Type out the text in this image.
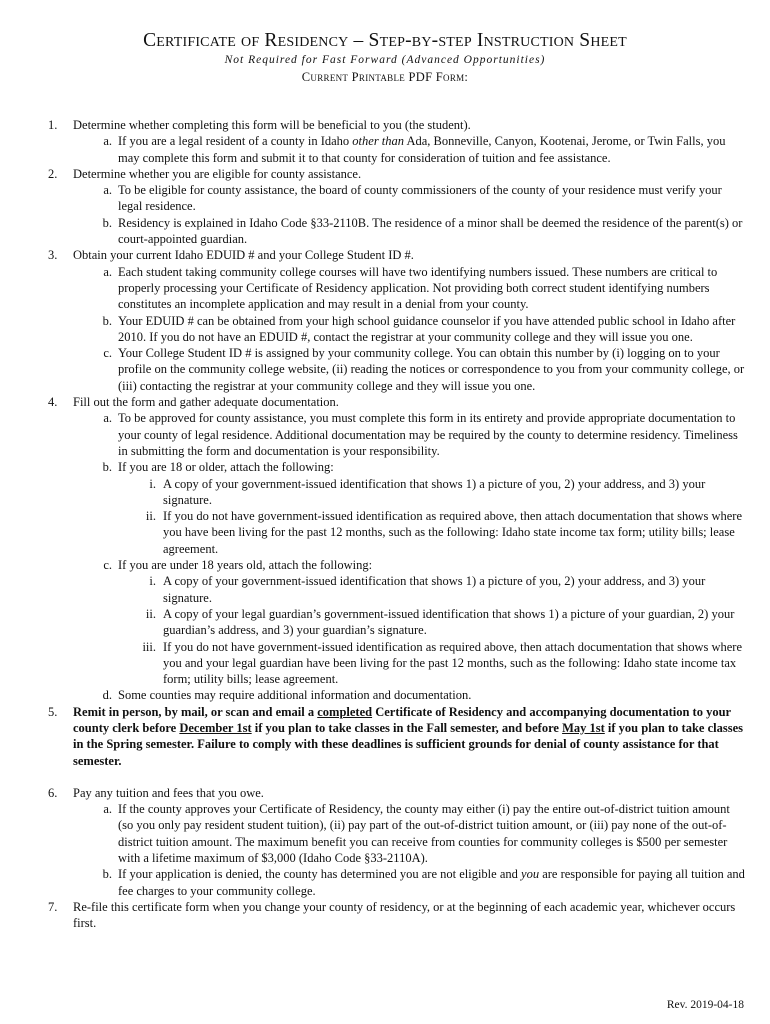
Certificate of Residency – Step-by-step Instruction Sheet
Not Required for Fast Forward (Advanced Opportunities)
Current Printable PDF Form:
1.	Determine whether completing this form will be beneficial to you (the student).
a. If you are a legal resident of a county in Idaho other than Ada, Bonneville, Canyon, Kootenai, Jerome, or Twin Falls, you may complete this form and submit it to that county for consideration of tuition and fee assistance.
2.	Determine whether you are eligible for county assistance.
a. To be eligible for county assistance, the board of county commissioners of the county of your residence must verify your legal residence.
b. Residency is explained in Idaho Code §33-2110B. The residence of a minor shall be deemed the residence of the parent(s) or court-appointed guardian.
3.	Obtain your current Idaho EDUID # and your College Student ID #.
a. Each student taking community college courses will have two identifying numbers issued. These numbers are critical to properly processing your Certificate of Residency application. Not providing both correct student identifying numbers constitutes an incomplete application and may result in a denial from your county.
b. Your EDUID # can be obtained from your high school guidance counselor if you have attended public school in Idaho after 2010. If you do not have an EDUID #, contact the registrar at your community college and they will issue you one.
c. Your College Student ID # is assigned by your community college. You can obtain this number by (i) logging on to your profile on the community college website, (ii) reading the notices or correspondence to you from your community college, or (iii) contacting the registrar at your community college and they will issue you one.
4.	Fill out the form and gather adequate documentation.
a. To be approved for county assistance, you must complete this form in its entirety and provide appropriate documentation to your county of legal residence. Additional documentation may be required by the county to determine residency. Timeliness in submitting the form and documentation is your responsibility.
b. If you are 18 or older, attach the following:
i. A copy of your government-issued identification that shows 1) a picture of you, 2) your address, and 3) your signature.
ii. If you do not have government-issued identification as required above, then attach documentation that shows where you have been living for the past 12 months, such as the following: Idaho state income tax form; utility bills; lease agreement.
c. If you are under 18 years old, attach the following:
i. A copy of your government-issued identification that shows 1) a picture of you, 2) your address, and 3) your signature.
ii. A copy of your legal guardian’s government-issued identification that shows 1) a picture of your guardian, 2) your guardian’s address, and 3) your guardian’s signature.
iii. If you do not have government-issued identification as required above, then attach documentation that shows where you and your legal guardian have been living for the past 12 months, such as the following: Idaho state income tax form; utility bills; lease agreement.
d. Some counties may require additional information and documentation.
5.	Remit in person, by mail, or scan and email a completed Certificate of Residency and accompanying documentation to your county clerk before December 1st if you plan to take classes in the Fall semester, and before May 1st if you plan to take classes in the Spring semester. Failure to comply with these deadlines is sufficient grounds for denial of county assistance for that semester.
6.	Pay any tuition and fees that you owe.
a. If the county approves your Certificate of Residency, the county may either (i) pay the entire out-of-district tuition amount (so you only pay resident student tuition), (ii) pay part of the out-of-district tuition amount, or (iii) pay none of the out-of-district tuition amount. The maximum benefit you can receive from counties for community colleges is $500 per semester with a lifetime maximum of $3,000 (Idaho Code §33-2110A).
b. If your application is denied, the county has determined you are not eligible and you are responsible for paying all tuition and fee charges to your community college.
7.	Re-file this certificate form when you change your county of residency, or at the beginning of each academic year, whichever occurs first.
Rev. 2019-04-18
